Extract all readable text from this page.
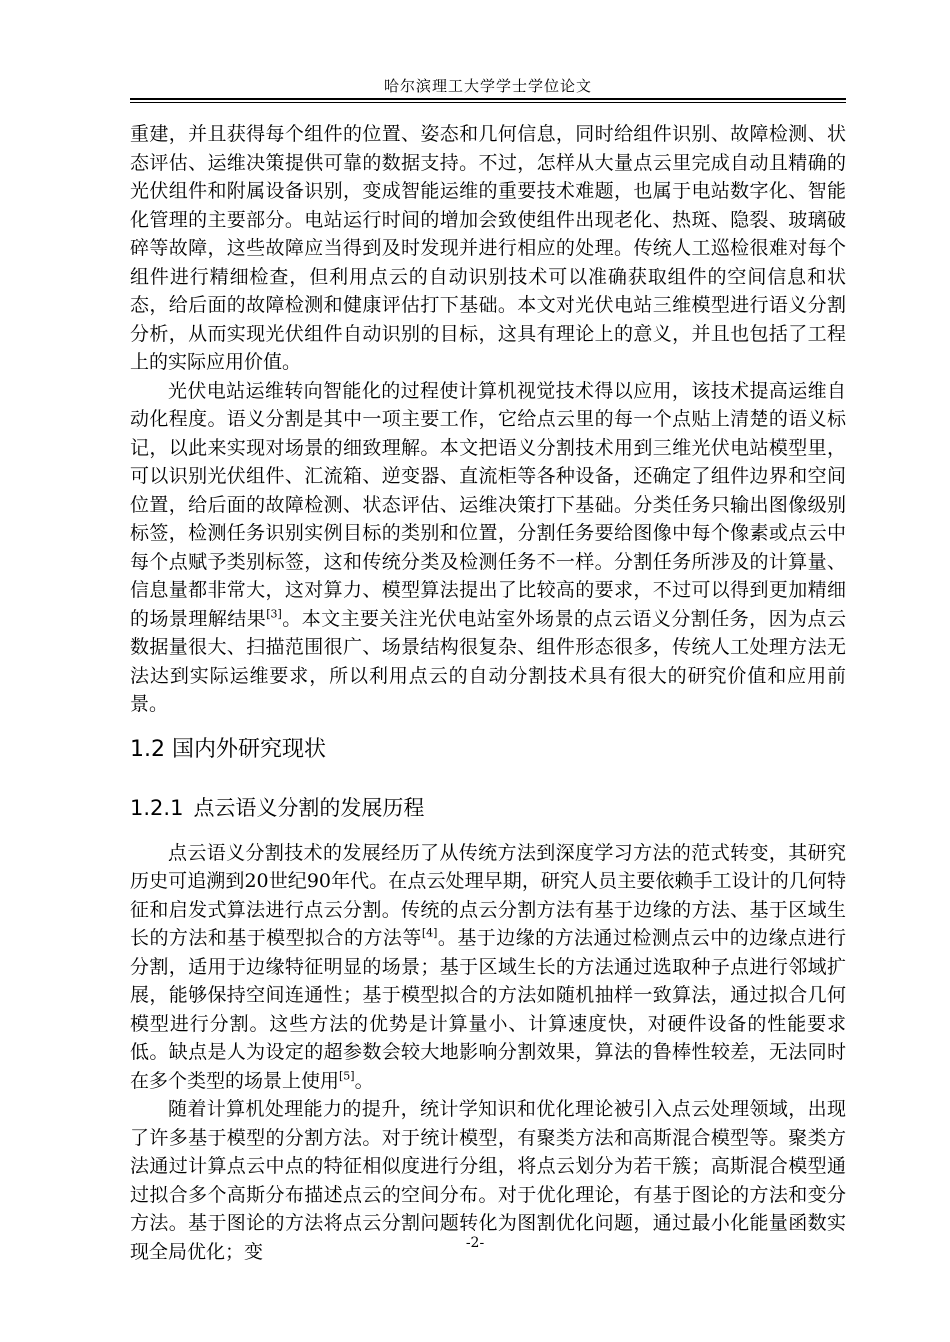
哈尔滨理工大学学士学位论文

重建，并且获得每个组件的位置、姿态和几何信息，同时给组件识别、故障检测、状态评估、运维决策提供可靠的数据支持。不过，怎样从大量点云里完成自动且精确的光伏组件和附属设备识别，变成智能运维的重要技术难题，也属于电站数字化、智能化管理的主要部分。电站运行时间的增加会致使组件出现老化、热斑、隐裂、玻璃破碎等故障，这些故障应当得到及时发现并进行相应的处理。传统人工巡检很难对每个组件进行精细检查，但利用点云的自动识别技术可以准确获取组件的空间信息和状态，给后面的故障检测和健康评估打下基础。本文对光伏电站三维模型进行语义分割分析，从而实现光伏组件自动识别的目标，这具有理论上的意义，并且也包括了工程上的实际应用价值。

光伏电站运维转向智能化的过程使计算机视觉技术得以应用，该技术提高运维自动化程度。语义分割是其中一项主要工作，它给点云里的每一个点贴上清楚的语义标记，以此来实现对场景的细致理解。本文把语义分割技术用到三维光伏电站模型里，可以识别光伏组件、汇流箱、逆变器、直流柜等各种设备，还确定了组件边界和空间位置，给后面的故障检测、状态评估、运维决策打下基础。分类任务只输出图像级别标签，检测任务识别实例目标的类别和位置，分割任务要给图像中每个像素或点云中每个点赋予类别标签，这和传统分类及检测任务不一样。分割任务所涉及的计算量、信息量都非常大，这对算力、模型算法提出了比较高的要求，不过可以得到更加精细的场景理解结果[3]。本文主要关注光伏电站室外场景的点云语义分割任务，因为点云数据量很大、扫描范围很广、场景结构很复杂、组件形态很多，传统人工处理方法无法达到实际运维要求，所以利用点云的自动分割技术具有很大的研究价值和应用前景。

1.2 国内外研究现状
1.2.1 点云语义分割的发展历程

点云语义分割技术的发展经历了从传统方法到深度学习方法的范式转变，其研究历史可追溯到20世纪90年代。在点云处理早期，研究人员主要依赖手工设计的几何特征和启发式算法进行点云分割。传统的点云分割方法有基于边缘的方法、基于区域生长的方法和基于模型拟合的方法等[4]。基于边缘的方法通过检测点云中的边缘点进行分割，适用于边缘特征明显的场景；基于区域生长的方法通过选取种子点进行邻域扩展，能够保持空间连通性；基于模型拟合的方法如随机抽样一致算法，通过拟合几何模型进行分割。这些方法的优势是计算量小、计算速度快，对硬件设备的性能要求低。缺点是人为设定的超参数会较大地影响分割效果，算法的鲁棒性较差，无法同时在多个类型的场景上使用[5]。

随着计算机处理能力的提升，统计学知识和优化理论被引入点云处理领域，出现了许多基于模型的分割方法。对于统计模型，有聚类方法和高斯混合模型等。聚类方法通过计算点云中点的特征相似度进行分组，将点云划分为若干簇；高斯混合模型通过拟合多个高斯分布描述点云的空间分布。对于优化理论，有基于图论的方法和变分方法。基于图论的方法将点云分割问题转化为图割优化问题，通过最小化能量函数实现全局优化；变	-2-
